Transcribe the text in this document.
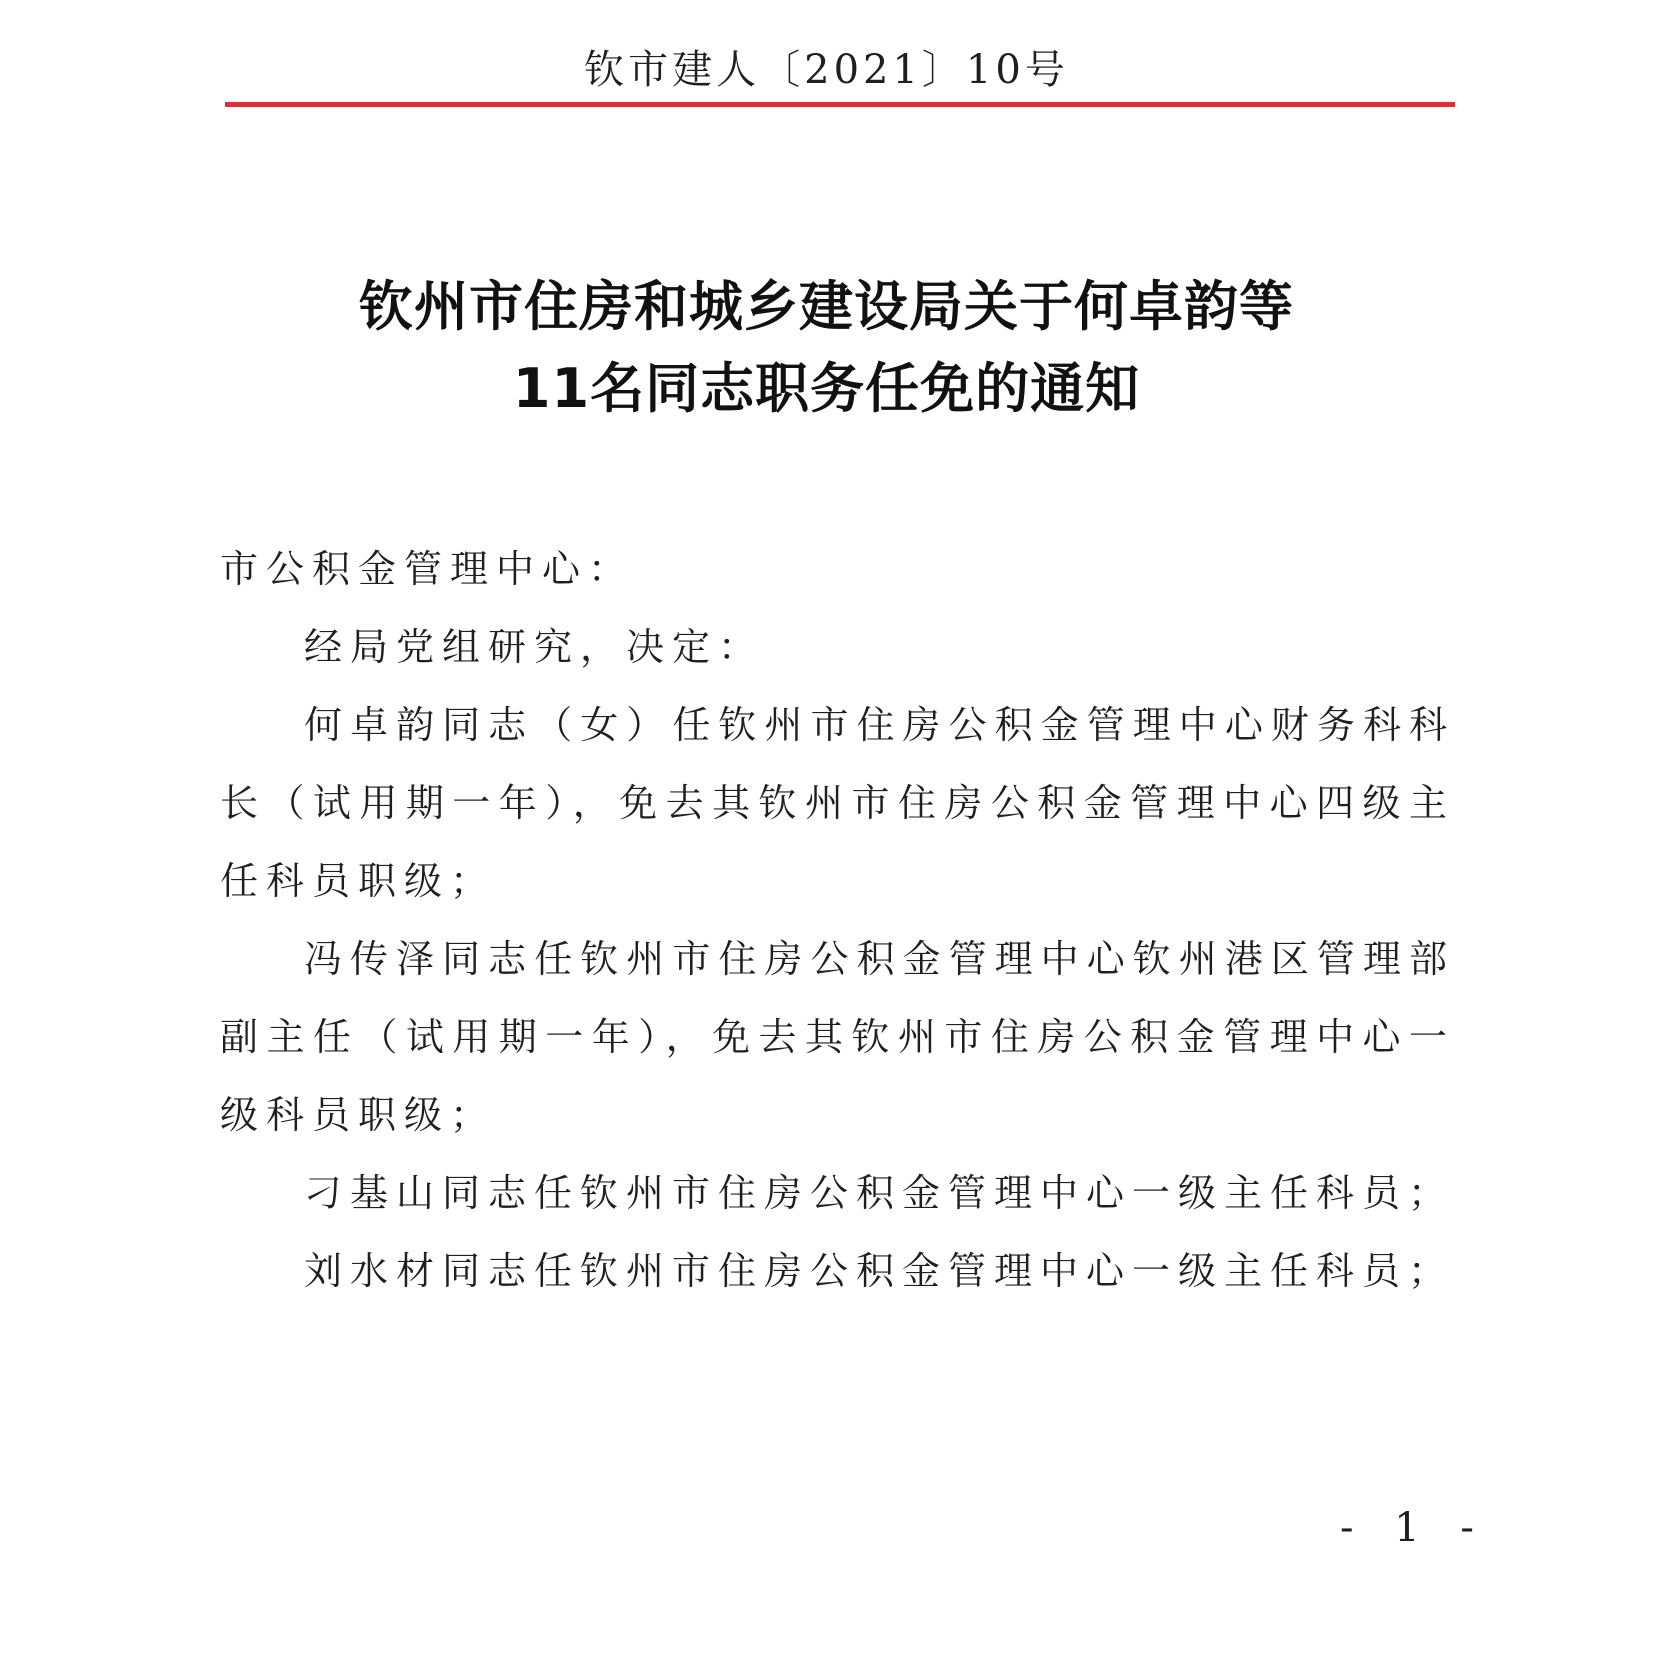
钦市建人〔2021〕10号
钦州市住房和城乡建设局关于何卓韵等
11名同志职务任免的通知

市公积金管理中心：

经局党组研究，决定：

何卓韵同志（女）任钦州市住房公积金管理中心财务科科长（试用期一年），免去其钦州市住房公积金管理中心四级主任科员职级；

冯传泽同志任钦州市住房公积金管理中心钦州港区管理部副主任（试用期一年），免去其钦州市住房公积金管理中心一级科员职级；

刁基山同志任钦州市住房公积金管理中心一级主任科员；

刘水材同志任钦州市住房公积金管理中心一级主任科员；

- 1 -
